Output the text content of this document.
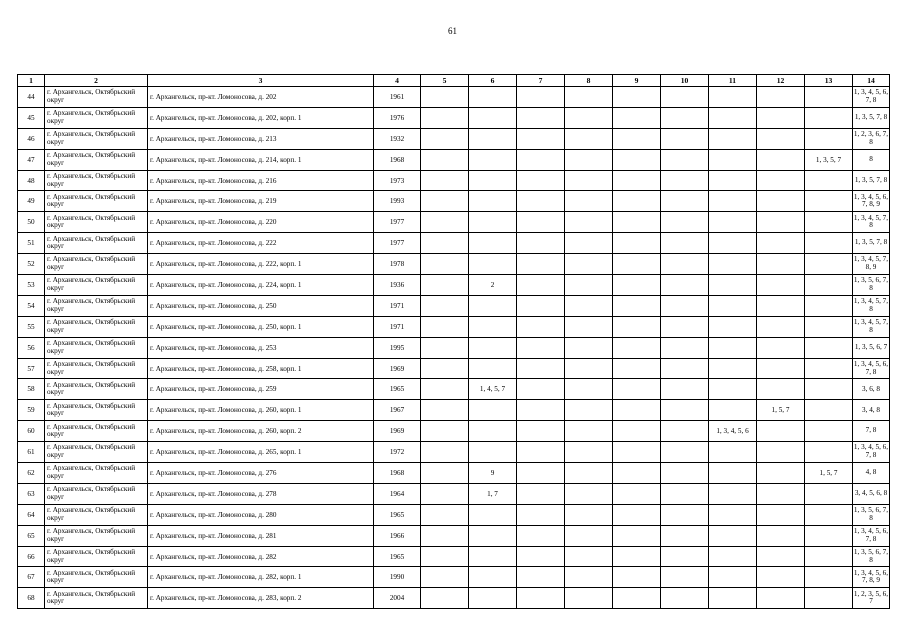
61
1	2	3	4	5	6	7	8	9	10	11	12	13	14
44	г. Архангельск, Октябрьский округ	г. Архангельск, пр-кт. Ломоносова, д. 202	1961										1, 3, 4, 5, 6, 7, 8
45	г. Архангельск, Октябрьский округ	г. Архангельск, пр-кт. Ломоносова, д. 202, корп. 1	1976										1, 3, 5, 7, 8
46	г. Архангельск, Октябрьский округ	г. Архангельск, пр-кт. Ломоносова, д. 213	1932										1, 2, 3, 6, 7, 8
47	г. Архангельск, Октябрьский округ	г. Архангельск, пр-кт. Ломоносова, д. 214, корп. 1	1968									1, 3, 5, 7	8
48	г. Архангельск, Октябрьский округ	г. Архангельск, пр-кт. Ломоносова, д. 216	1973										1, 3, 5, 7, 8
49	г. Архангельск, Октябрьский округ	г. Архангельск, пр-кт. Ломоносова, д. 219	1993										1, 3, 4, 5, 6, 7, 8, 9
50	г. Архангельск, Октябрьский округ	г. Архангельск, пр-кт. Ломоносова, д. 220	1977										1, 3, 4, 5, 7, 8
51	г. Архангельск, Октябрьский округ	г. Архангельск, пр-кт. Ломоносова, д. 222	1977										1, 3, 5, 7, 8
52	г. Архангельск, Октябрьский округ	г. Архангельск, пр-кт. Ломоносова, д. 222, корп. 1	1978										1, 3, 4, 5, 7, 8, 9
53	г. Архангельск, Октябрьский округ	г. Архангельск, пр-кт. Ломоносова, д. 224, корп. 1	1936		2								1, 3, 5, 6, 7, 8
54	г. Архангельск, Октябрьский округ	г. Архангельск, пр-кт. Ломоносова, д. 250	1971										1, 3, 4, 5, 7, 8
55	г. Архангельск, Октябрьский округ	г. Архангельск, пр-кт. Ломоносова, д. 250, корп. 1	1971										1, 3, 4, 5, 7, 8
56	г. Архангельск, Октябрьский округ	г. Архангельск, пр-кт. Ломоносова, д. 253	1995										1, 3, 5, 6, 7
57	г. Архангельск, Октябрьский округ	г. Архангельск, пр-кт. Ломоносова, д. 258, корп. 1	1969										1, 3, 4, 5, 6, 7, 8
58	г. Архангельск, Октябрьский округ	г. Архангельск, пр-кт. Ломоносова, д. 259	1965		1, 4, 5, 7								3, 6, 8
59	г. Архангельск, Октябрьский округ	г. Архангельск, пр-кт. Ломоносова, д. 260, корп. 1	1967								1, 5, 7		3, 4, 8
60	г. Архангельск, Октябрьский округ	г. Архангельск, пр-кт. Ломоносова, д. 260, корп. 2	1969							1, 3, 4, 5, 6			7, 8
61	г. Архангельск, Октябрьский округ	г. Архангельск, пр-кт. Ломоносова, д. 265, корп. 1	1972										1, 3, 4, 5, 6, 7, 8
62	г. Архангельск, Октябрьский округ	г. Архангельск, пр-кт. Ломоносова, д. 276	1968		9							1, 5, 7	4, 8
63	г. Архангельск, Октябрьский округ	г. Архангельск, пр-кт. Ломоносова, д. 278	1964		1, 7								3, 4, 5, 6, 8
64	г. Архангельск, Октябрьский округ	г. Архангельск, пр-кт. Ломоносова, д. 280	1965										1, 3, 5, 6, 7, 8
65	г. Архангельск, Октябрьский округ	г. Архангельск, пр-кт. Ломоносова, д. 281	1966										1, 3, 4, 5, 6, 7, 8
66	г. Архангельск, Октябрьский округ	г. Архангельск, пр-кт. Ломоносова, д. 282	1965										1, 3, 5, 6, 7, 8
67	г. Архангельск, Октябрьский округ	г. Архангельск, пр-кт. Ломоносова, д. 282, корп. 1	1990										1, 3, 4, 5, 6, 7, 8, 9
68	г. Архангельск, Октябрьский округ	г. Архангельск, пр-кт. Ломоносова, д. 283, корп. 2	2004										1, 2, 3, 5, 6, 7
